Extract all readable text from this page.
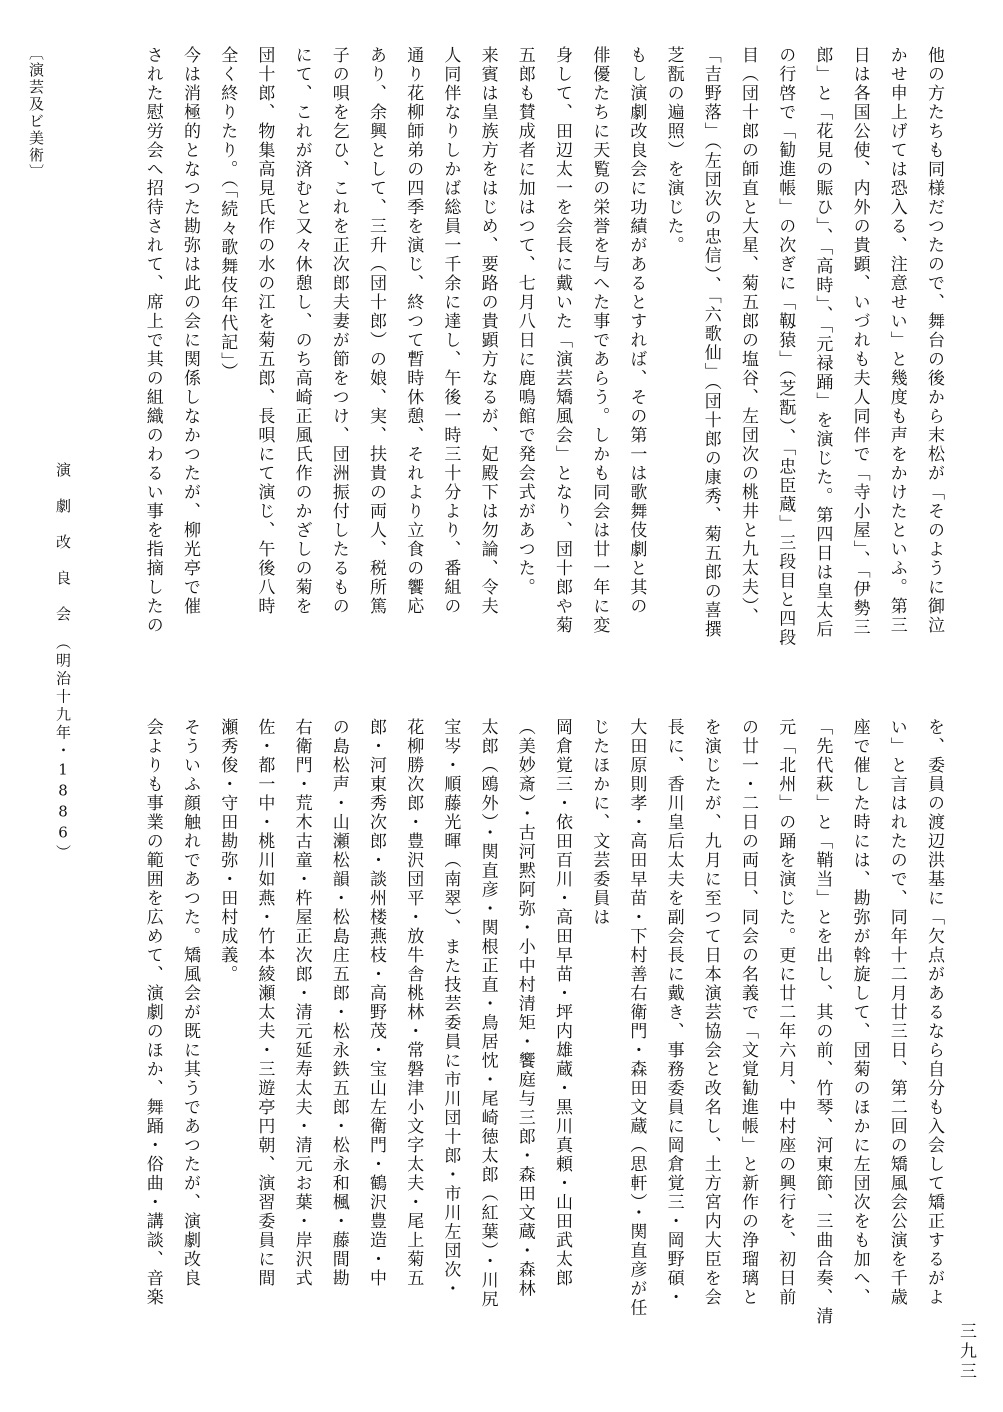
他の方たちも同様だつたので、舞台の後から末松が「そのように御泣
かせ申上げては恐入る、注意せい」と幾度も声をかけたといふ。第三
日は各国公使、内外の貴顕、いづれも夫人同伴で「寺小屋」、「伊勢三
郎」と「花見の賑ひ」、「高時」、「元禄踊」を演じた。第四日は皇太后
の行啓で「勧進帳」の次ぎに「靱猿」（芝翫）、「忠臣蔵」三段目と四段
目（団十郎の師直と大星、菊五郎の塩谷、左団次の桃井と九太夫）、
「吉野落」（左団次の忠信）、「六歌仙」（団十郎の康秀、菊五郎の喜撰
芝翫の遍照）を演じた。
もし演劇改良会に功績があるとすれば、その第一は歌舞伎劇と其の
俳優たちに天覧の栄誉を与へた事であらう。しかも同会は廿一年に変
身して、田辺太一を会長に戴いた「演芸矯風会」となり、団十郎や菊
五郎も賛成者に加はつて、七月八日に鹿鳴館で発会式があつた。
来賓は皇族方をはじめ、要路の貴顕方なるが、妃殿下は勿論、令夫
人同伴なりしかば総員一千余に達し、午後一時三十分より、番組の
通り花柳師弟の四季を演じ、終つて暫時休憩、それより立食の饗応
あり、余興として、三升（団十郎）の娘、実、扶貴の両人、税所篤
子の唄を乞ひ、これを正次郎夫妻が節をつけ、団洲振付したるもの
にて、これが済むと又々休憩し、のち高崎正風氏作のかざしの菊を
団十郎、物集高見氏作の水の江を菊五郎、長唄にて演じ、午後八時
全く終りたり。（「続々歌舞伎年代記」）
今は消極的となつた勘弥は此の会に関係しなかつたが、柳光亭で催
された慰労会へ招待されて、席上で其の組織のわるい事を指摘したの
演　劇　改　良　会　（明治十九年・1886）
〔演芸及ビ美術〕
を、委員の渡辺洪基に「欠点があるなら自分も入会して矯正するがよ
い」と言はれたので、同年十二月廿三日、第二回の矯風会公演を千歳
座で催した時には、勘弥が斡旋して、団菊のほかに左団次をも加へ、
「先代萩」と「鞘当」とを出し、其の前、竹琴、河東節、三曲合奏、清
元「北州」の踊を演じた。更に廿二年六月、中村座の興行を、初日前
の廿一・二日の両日、同会の名義で「文覚勧進帳」と新作の浄瑠璃と
を演じたが、九月に至つて日本演芸協会と改名し、土方宮内大臣を会
長に、香川皇后太夫を副会長に戴き、事務委員に岡倉覚三・岡野碩・
大田原則孝・高田早苗・下村善右衛門・森田文蔵（思軒）・関直彦が任
じたほかに、文芸委員は
岡倉覚三・依田百川・高田早苗・坪内雄蔵・黒川真頼・山田武太郎
（美妙斎）・古河黙阿弥・小中村清矩・饗庭与三郎・森田文蔵・森林
太郎（鴎外）・関直彦・関根正直・鳥居忱・尾崎徳太郎（紅葉）・川尻
宝岑・順藤光暉（南翠）、また技芸委員に市川団十郎・市川左団次・
花柳勝次郎・豊沢団平・放牛舎桃林・常磐津小文字太夫・尾上菊五
郎・河東秀次郎・談州楼燕枝・高野茂・宝山左衛門・鶴沢豊造・中
の島松声・山瀬松韻・松島庄五郎・松永鉄五郎・松永和楓・藤間勘
右衛門・荒木古童・杵屋正次郎・清元延寿太夫・清元お葉・岸沢式
佐・都一中・桃川如燕・竹本綾瀬太夫・三遊亭円朝、演習委員に間
瀬秀俊・守田勘弥・田村成義。
そういふ顔触れであつた。矯風会が既に其うであつたが、演劇改良
会よりも事業の範囲を広めて、演劇のほか、舞踊・俗曲・講談、音楽
三九三
